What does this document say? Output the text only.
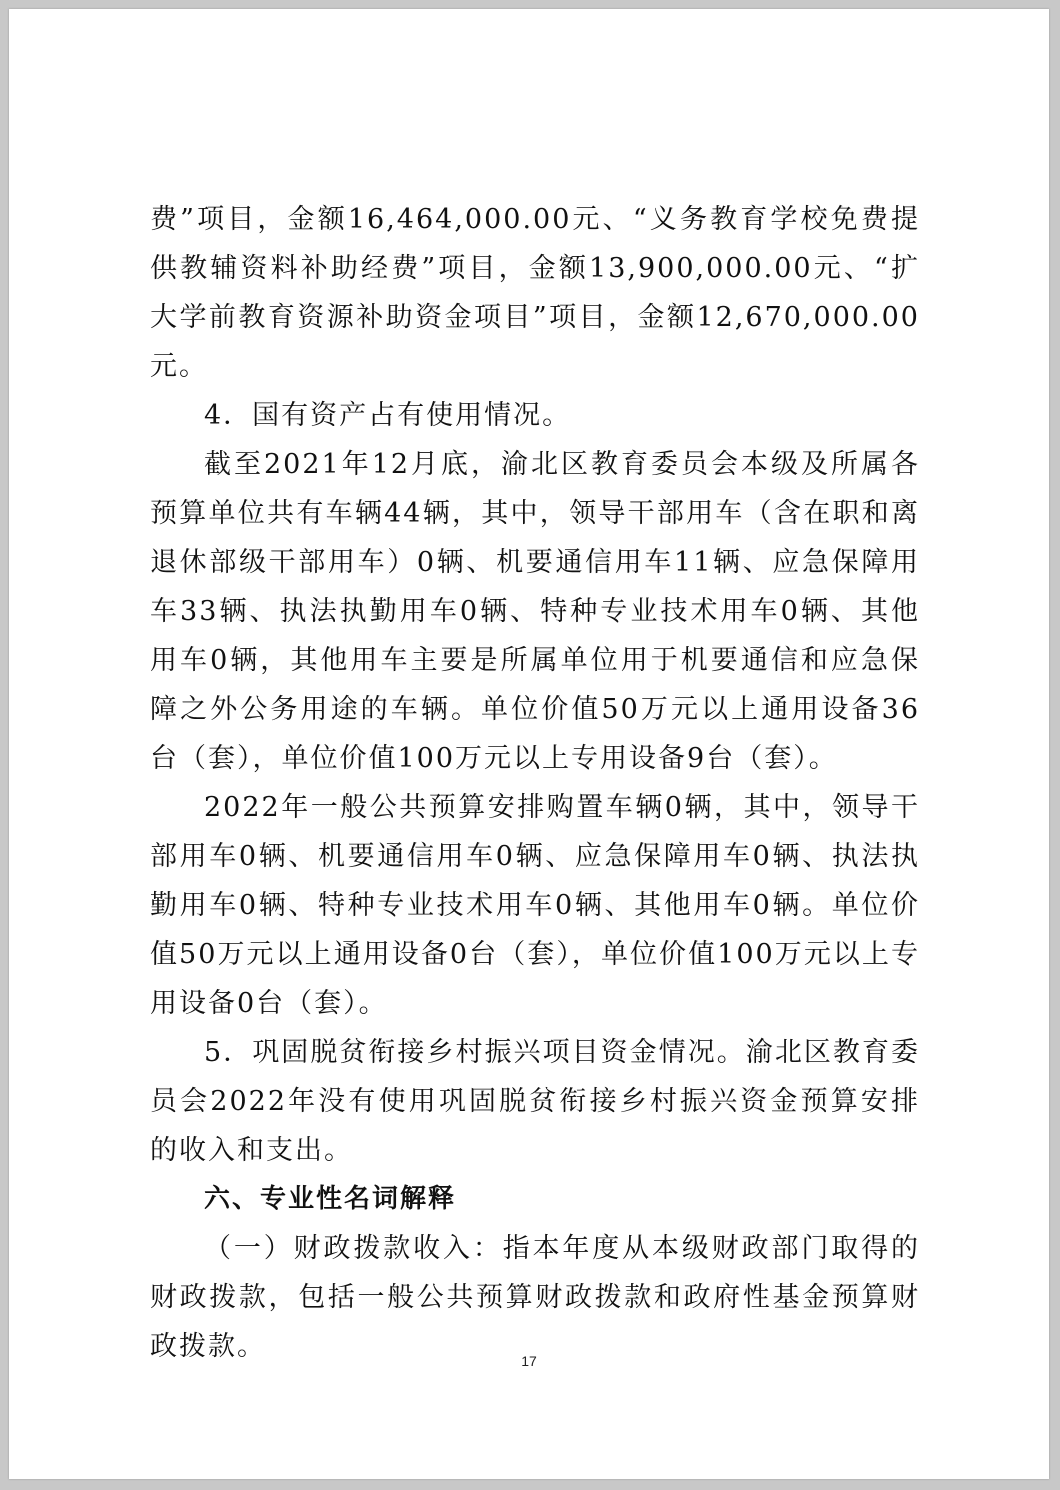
费”项目，金额16,464,000.00元、“义务教育学校免费提供教辅资料补助经费”项目，金额13,900,000.00元、“扩大学前教育资源补助资金项目”项目，金额12,670,000.00元。

4．国有资产占有使用情况。

截至2021年12月底，渝北区教育委员会本级及所属各预算单位共有车辆44辆，其中，领导干部用车（含在职和离退休部级干部用车）0辆、机要通信用车11辆、应急保障用车33辆、执法执勤用车0辆、特种专业技术用车0辆、其他用车0辆，其他用车主要是所属单位用于机要通信和应急保障之外公务用途的车辆。单位价值50万元以上通用设备36台（套），单位价值100万元以上专用设备9台（套）。

2022年一般公共预算安排购置车辆0辆，其中，领导干部用车0辆、机要通信用车0辆、应急保障用车0辆、执法执勤用车0辆、特种专业技术用车0辆、其他用车0辆。单位价值50万元以上通用设备0台（套），单位价值100万元以上专用设备0台（套）。

5．巩固脱贫衔接乡村振兴项目资金情况。渝北区教育委员会2022年没有使用巩固脱贫衔接乡村振兴资金预算安排的收入和支出。

六、专业性名词解释

（一）财政拨款收入：指本年度从本级财政部门取得的财政拨款，包括一般公共预算财政拨款和政府性基金预算财政拨款。	17
